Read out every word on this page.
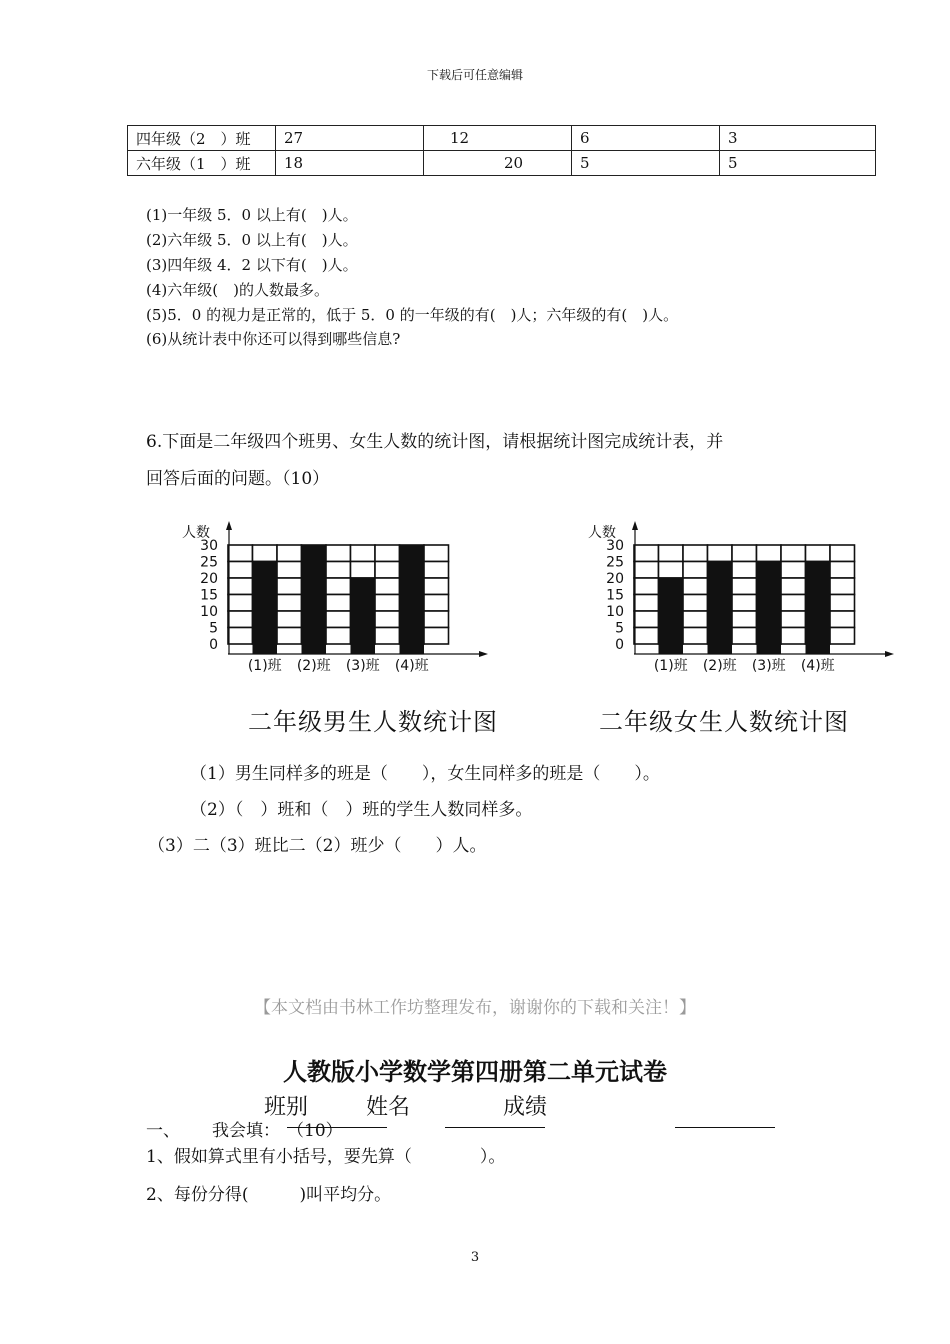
下载后可任意编辑
四年级（2　）班	27	12	6	3
六年级（1　）班	18	20	5	5
(1)一年级 5．0 以上有(　)人。
(2)六年级 5．0 以上有(　)人。
(3)四年级 4．2 以下有(　)人。
(4)六年级(　)的人数最多。
(5)5．0 的视力是正常的，低于 5．0 的一年级的有(　)人；六年级的有(　)人。
(6)从统计表中你还可以得到哪些信息?
6.下面是二年级四个班男、女生人数的统计图，请根据统计图完成统计表，并
回答后面的问题。（10）
人数
0
5
10
15
20
25
30
(1)班 (2)班 (3)班 (4)班
人数
0
5
10
15
20
25
30
(1)班 (2)班 (3)班 (4)班
二年级男生人数统计图	二年级女生人数统计图
（1）男生同样多的班是（　　），女生同样多的班是（　　）。
（2）（　）班和（　）班的学生人数同样多。
（3）二（3）班比二（2）班少（　　）人。
【本文档由书林工作坊整理发布，谢谢你的下载和关注！】
人教版小学数学第四册第二单元试卷
班别	姓名	成绩
一、 我会填： （10）
1、假如算式里有小括号，要先算（　　　　）。
2、每份分得(　　　)叫平均分。
3
